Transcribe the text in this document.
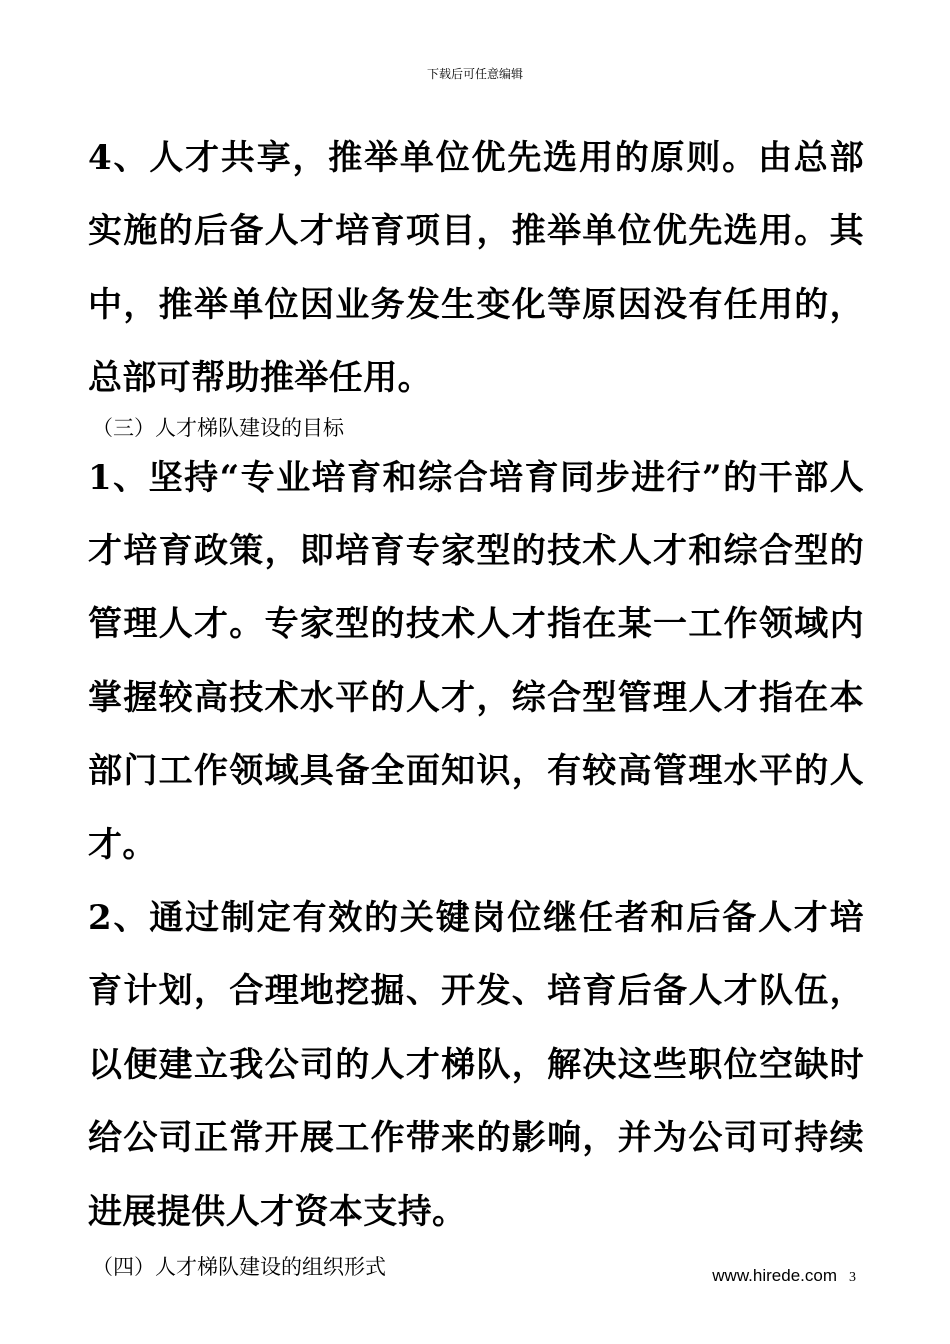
下载后可任意编辑

4、人才共享，推举单位优先选用的原则。由总部实施的后备人才培育项目，推举单位优先选用。其中，推举单位因业务发生变化等原因没有任用的，总部可帮助推举任用。

（三）人才梯队建设的目标

1、坚持“专业培育和综合培育同步进行”的干部人才培育政策，即培育专家型的技术人才和综合型的管理人才。专家型的技术人才指在某一工作领域内掌握较高技术水平的人才，综合型管理人才指在本部门工作领域具备全面知识，有较高管理水平的人才。

2、通过制定有效的关键岗位继任者和后备人才培育计划，合理地挖掘、开发、培育后备人才队伍，以便建立我公司的人才梯队，解决这些职位空缺时给公司正常开展工作带来的影响，并为公司可持续进展提供人才资本支持。

（四）人才梯队建设的组织形式	www.hirede.com 3
